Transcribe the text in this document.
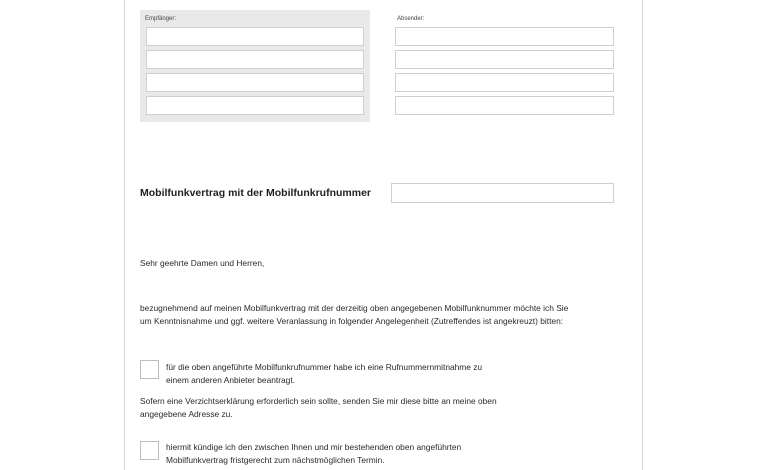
Empfänger:	Absender:
Mobilfunkvertrag mit der Mobilfunkrufnummer
Sehr geehrte Damen und Herren,
bezugnehmend auf meinen Mobilfunkvertrag mit der derzeitig oben angegebenen Mobilfunknummer möchte ich Sie
um Kenntnisnahme und ggf. weitere Veranlassung in folgender Angelegenheit (Zutreffendes ist angekreuzt) bitten:
für die oben angeführte Mobilfunkrufnummer habe ich eine Rufnummernmitnahme zu
einem anderen Anbieter beantragt.
Sofern eine Verzichtserklärung erforderlich sein sollte, senden Sie mir diese bitte an meine oben
angegebene Adresse zu.
hiermit kündige ich den zwischen Ihnen und mir bestehenden oben angeführten
Mobilfunkvertrag fristgerecht zum nächstmöglichen Termin.
